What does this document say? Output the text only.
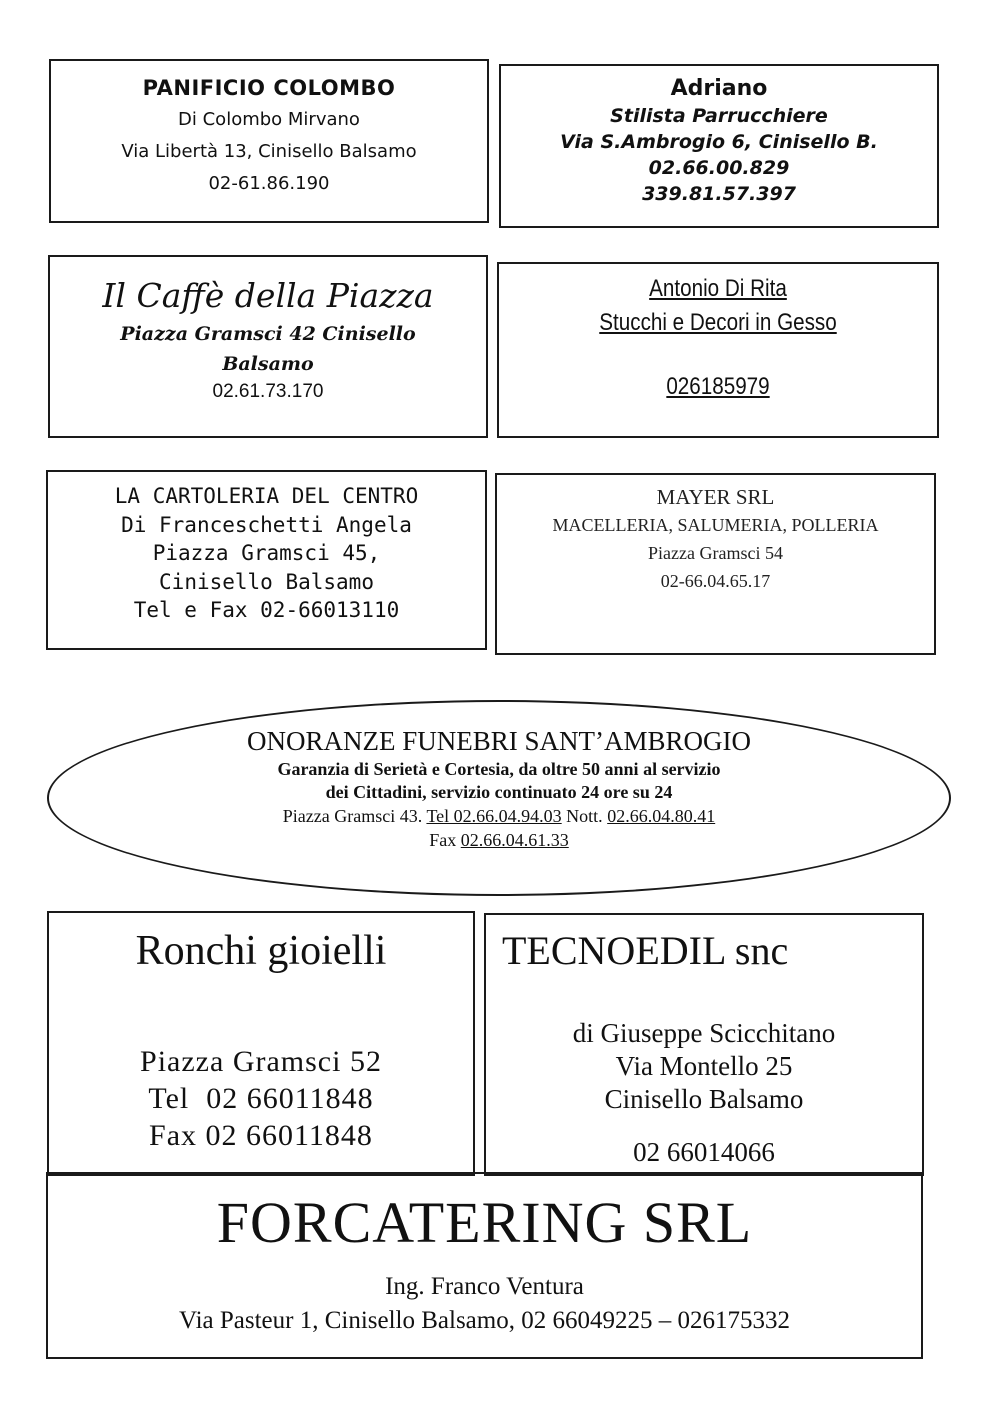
PANIFICIO COLOMBO
Di Colombo Mirvano
Via Libertà 13, Cinisello Balsamo
02-61.86.190
Adriano
Stilista Parrucchiere
Via S.Ambrogio 6, Cinisello B.
02.66.00.829
339.81.57.397
Il Caffè della Piazza
Piazza Gramsci 42 Cinisello
Balsamo
02.61.73.170
Antonio Di Rita
Stucchi e Decori in Gesso
026185979
LA CARTOLERIA DEL CENTRO
Di Franceschetti Angela
Piazza Gramsci 45,
Cinisello Balsamo
Tel e Fax 02-66013110
MAYER SRL
MACELLERIA, SALUMERIA, POLLERIA
Piazza Gramsci 54
02-66.04.65.17
ONORANZE FUNEBRI SANT’AMBROGIO
Garanzia di Serietà e Cortesia, da oltre 50 anni al servizio
dei Cittadini, servizio continuato 24 ore su 24
Piazza Gramsci 43. Tel 02.66.04.94.03 Nott. 02.66.04.80.41
Fax 02.66.04.61.33
Ronchi gioielli
Piazza Gramsci 52
Tel  02 66011848
Fax 02 66011848
TECNOEDIL snc
di Giuseppe Scicchitano
Via Montello 25
Cinisello Balsamo
02 66014066
FORCATERING SRL
Ing. Franco Ventura
Via Pasteur 1, Cinisello Balsamo, 02 66049225 – 026175332
